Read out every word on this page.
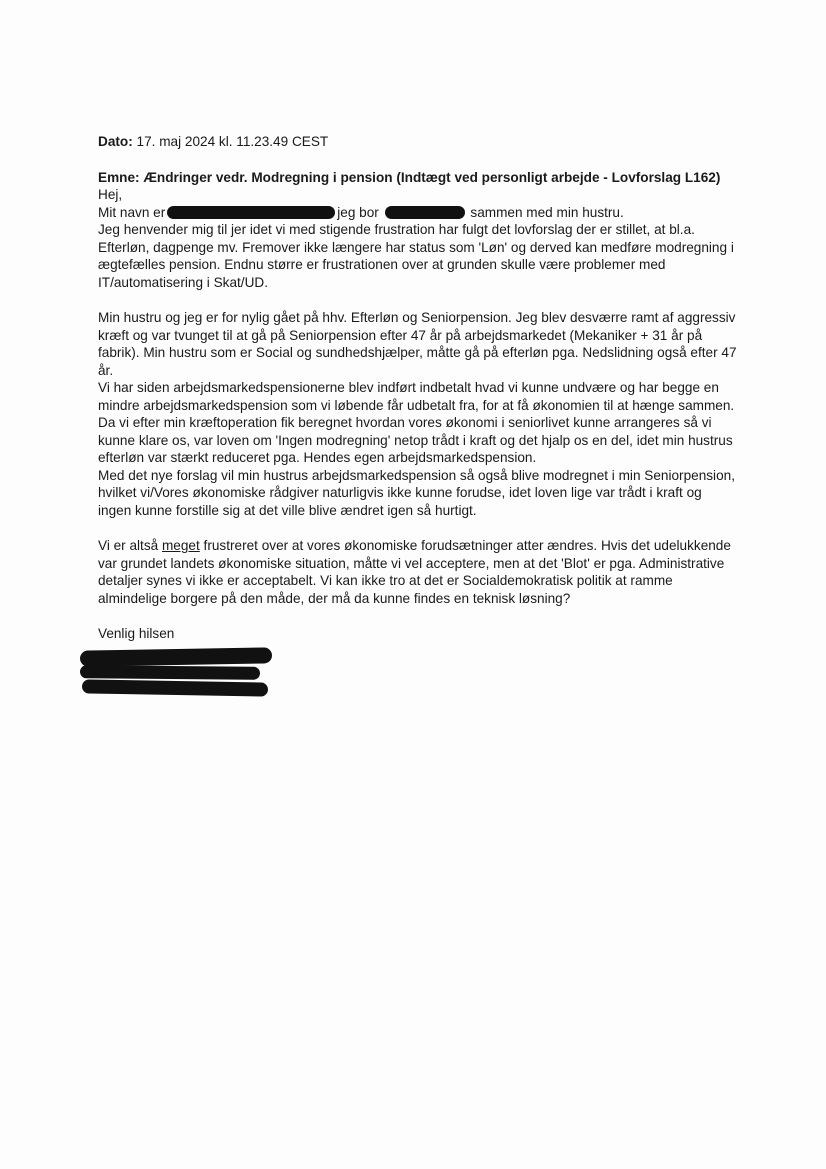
Dato: 17. maj 2024 kl. 11.23.49 CEST

Emne: Ændringer vedr. Modregning i pension (Indtægt ved personligt arbejde - Lovforslag L162)

Hej,

Mit navn er	jeg bor	sammen med min hustru.

Jeg henvender mig til jer idet vi med stigende frustration har fulgt det lovforslag der er stillet, at bl.a. Efterløn, dagpenge mv. Fremover ikke længere har status som 'Løn' og derved kan medføre modregning i ægtefælles pension. Endnu større er frustrationen over at grunden skulle være problemer med IT/automatisering i Skat/UD.

Min hustru og jeg er for nylig gået på hhv. Efterløn og Seniorpension. Jeg blev desværre ramt af aggressiv kræft og var tvunget til at gå på Seniorpension efter 47 år på arbejdsmarkedet (Mekaniker + 31 år på fabrik). Min hustru som er Social og sundhedshjælper, måtte gå på efterløn pga. Nedslidning også efter 47 år.

Vi har siden arbejdsmarkedspensionerne blev indført indbetalt hvad vi kunne undvære og har begge en mindre arbejdsmarkedspension som vi løbende får udbetalt fra, for at få økonomien til at hænge sammen.

Da vi efter min kræftoperation fik beregnet hvordan vores økonomi i seniorlivet kunne arrangeres så vi kunne klare os, var loven om 'Ingen modregning' netop trådt i kraft og det hjalp os en del, idet min hustrus efterløn var stærkt reduceret pga. Hendes egen arbejdsmarkedspension.

Med det nye forslag vil min hustrus arbejdsmarkedspension så også blive modregnet i min Seniorpension, hvilket vi/Vores økonomiske rådgiver naturligvis ikke kunne forudse, idet loven lige var trådt i kraft og ingen kunne forstille sig at det ville blive ændret igen så hurtigt.

Vi er altså meget frustreret over at vores økonomiske forudsætninger atter ændres. Hvis det udelukkende var grundet landets økonomiske situation, måtte vi vel acceptere, men at det 'Blot' er pga. Administrative detaljer synes vi ikke er acceptabelt. Vi kan ikke tro at det er Socialdemokratisk politik at ramme almindelige borgere på den måde, der må da kunne findes en teknisk løsning?

Venlig hilsen
